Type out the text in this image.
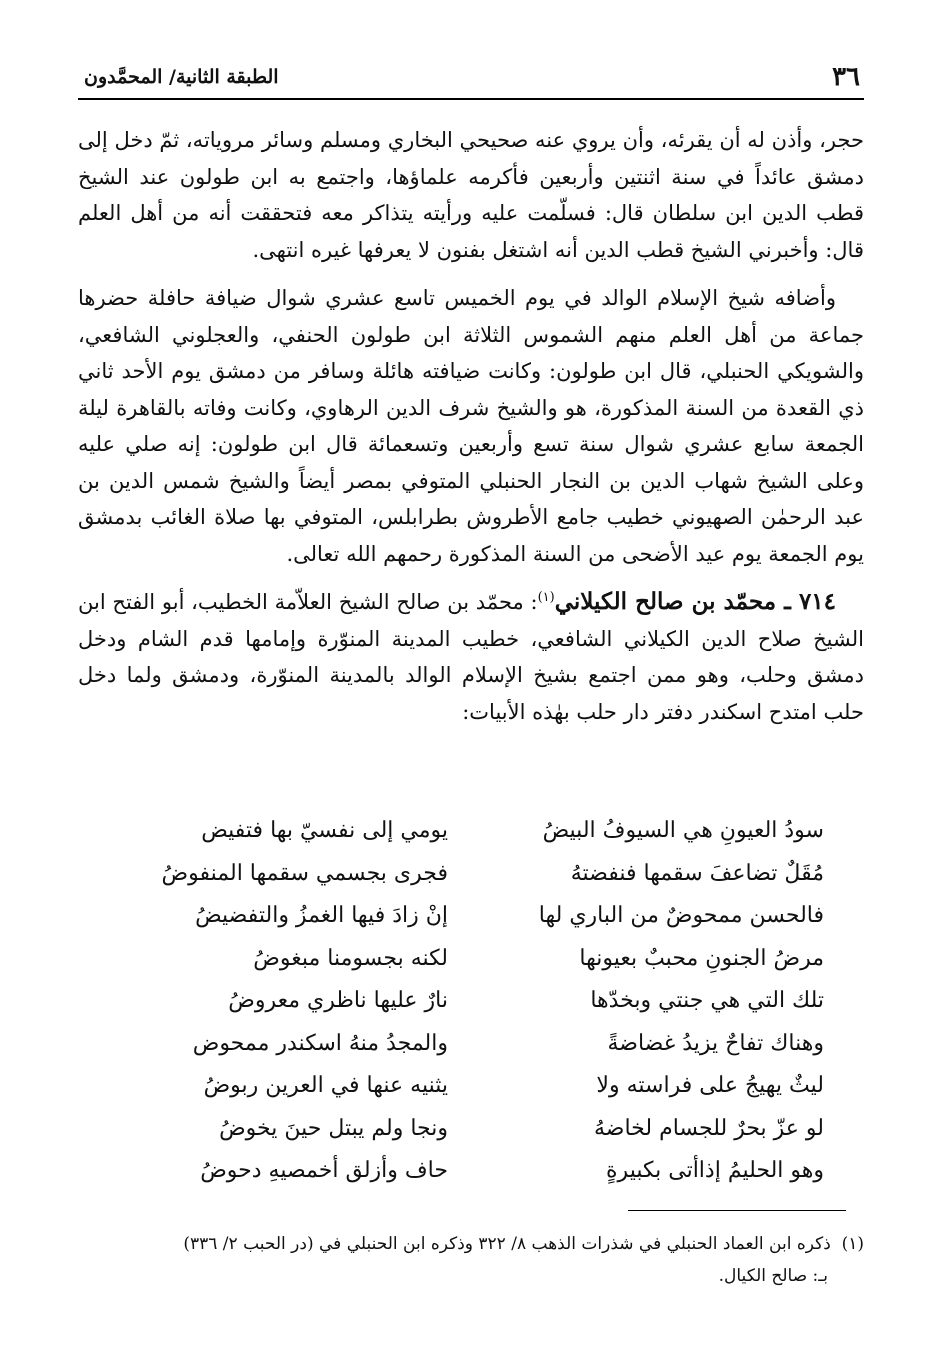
٣٦
الطبقة الثانية/ المحمَّدون

حجر، وأذن له أن يقرئه، وأن يروي عنه صحيحي البخاري ومسلم وسائر مروياته، ثمّ دخل إلى دمشق عائداً في سنة اثنتين وأربعين فأكرمه علماؤها، واجتمع به ابن طولون عند الشيخ قطب الدين ابن سلطان قال: فسلّمت عليه ورأيته يتذاكر معه فتحققت أنه من أهل العلم قال: وأخبرني الشيخ قطب الدين أنه اشتغل بفنون لا يعرفها غيره انتهى.

وأضافه شيخ الإسلام الوالد في يوم الخميس تاسع عشري شوال ضيافة حافلة حضرها جماعة من أهل العلم منهم الشموس الثلاثة ابن طولون الحنفي، والعجلوني الشافعي، والشويكي الحنبلي، قال ابن طولون: وكانت ضيافته هائلة وسافر من دمشق يوم الأحد ثاني ذي القعدة من السنة المذكورة، هو والشيخ شرف الدين الرهاوي، وكانت وفاته بالقاهرة ليلة الجمعة سابع عشري شوال سنة تسع وأربعين وتسعمائة قال ابن طولون: إنه صلي عليه وعلى الشيخ شهاب الدين بن النجار الحنبلي المتوفي بمصر أيضاً والشيخ شمس الدين بن عبد الرحمٰن الصهيوني خطيب جامع الأطروش بطرابلس، المتوفي بها صلاة الغائب بدمشق يوم الجمعة يوم عيد الأضحى من السنة المذكورة رحمهم الله تعالى.

٧١٤ ـ محمّد بن صالح الكيلاني$^{(١)}$: محمّد بن صالح الشيخ العلاّمة الخطيب، أبو الفتح ابن الشيخ صلاح الدين الكيلاني الشافعي، خطيب المدينة المنوّرة وإمامها قدم الشام ودخل دمشق وحلب، وهو ممن اجتمع بشيخ الإسلام الوالد بالمدينة المنوّرة، ودمشق ولما دخل حلب امتدح اسكندر دفتر دار حلب بهٰذه الأبيات:

سودُ العيونِ هي السيوفُ البيضُ
يومي إلى نفسيّ بها فتفيض
مُقَلٌ تضاعفَ سقمها فنفضتهُ
فجرى بجسمي سقمها المنفوضُ
فالحسن ممحوضٌ من الباري لها
إنْ زادَ فيها الغمزُ والتفضيضُ
مرضُ الجنونِ محببٌ بعيونها
لكنه بجسومنا مبغوضُ
تلك التي هي جنتي وبخدّها
نارٌ عليها ناظري معروضُ
وهناك تفاحٌ يزيدُ غضاضةً
والمجدُ منهُ اسكندر ممحوض
ليثٌ يهيجُ على فراسته ولا
يثنيه عنها في العرين ربوضُ
لو عزّ بحرٌ للجسام لخاضهُ
ونجا ولم يبتل حينَ يخوضُ
وهو الحليمُ إذاأتى بكبيرةٍ
حاف وأزلق أخمصيهِ دحوضُ
(١)  ذكره ابن العماد الحنبلي في شذرات الذهب ٨/ ٣٢٢ وذكره ابن الحنبلي في (در الحبب ٢/ ٣٣٦)
بـ: صالح الكيال.
